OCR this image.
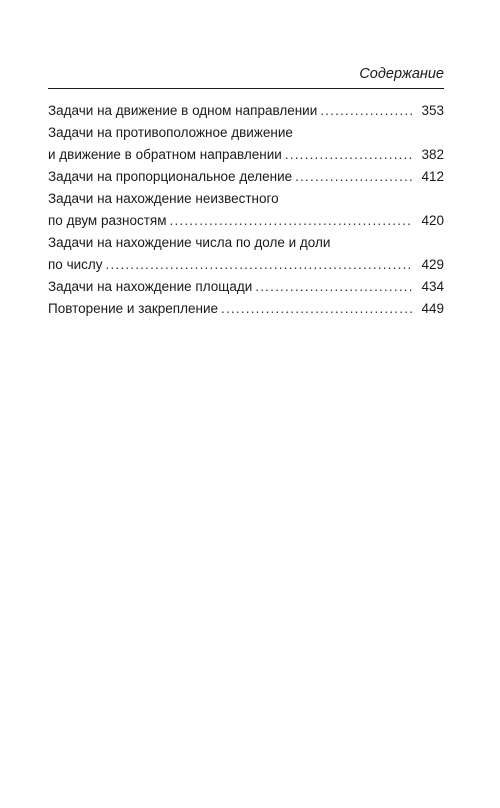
Содержание
Задачи на движение в одном направлении .....	353
Задачи на противоположное движение
и движение в обратном направлении .....	382
Задачи на пропорциональное деление .....	412
Задачи на нахождение неизвестного
по двум разностям .....	420
Задачи на нахождение числа по доле и доли
по числу .....	429
Задачи на нахождение площади .....	434
Повторение и закрепление .....	449
